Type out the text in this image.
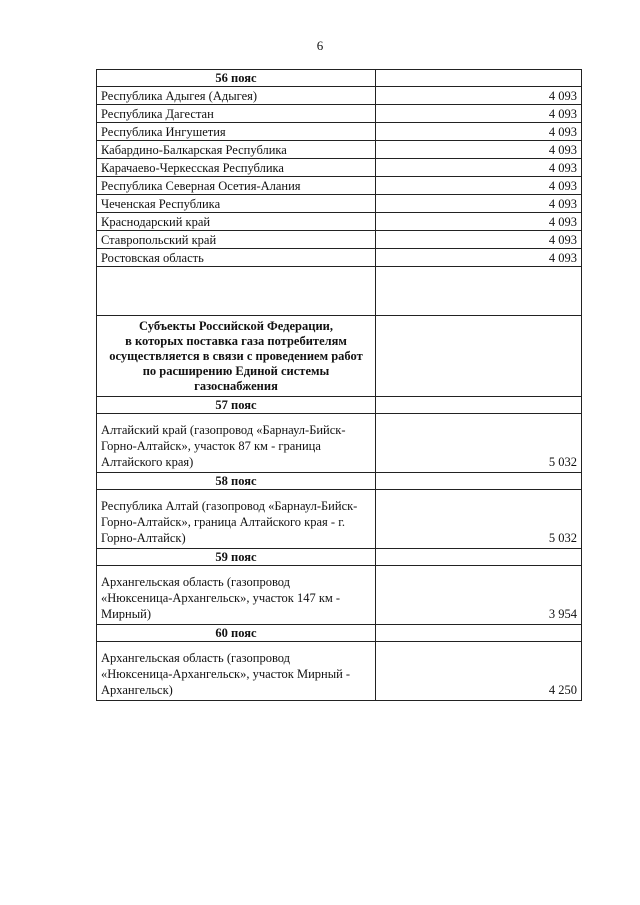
6
56 пояс	
Республика Адыгея (Адыгея)	4 093
Республика Дагестан	4 093
Республика Ингушетия	4 093
Кабардино-Балкарская Республика	4 093
Карачаево-Черкесская Республика	4 093
Республика Северная Осетия-Алания	4 093
Чеченская Республика	4 093
Краснодарский край	4 093
Ставропольский край	4 093
Ростовская область	4 093

Субъекты Российской Федерации,
в которых поставка газа потребителям
осуществляется в связи с проведением работ
по расширению Единой системы
газоснабжения	

57 пояс	

Алтайский край (газопровод «Барнаул-Бийск-
Горно-Алтайск», участок 87 км - граница
Алтайского края)	5 032
58 пояс	

Республика Алтай (газопровод «Барнаул-Бийск-
Горно-Алтайск», граница Алтайского края - г.
Горно-Алтайск)	5 032
59 пояс	

Архангельская область (газопровод
«Нюксеница-Архангельск», участок 147 км -
Мирный)	3 954
60 пояс	

Архангельская область (газопровод
«Нюксеница-Архангельск», участок Мирный -
Архангельск)	4 250
